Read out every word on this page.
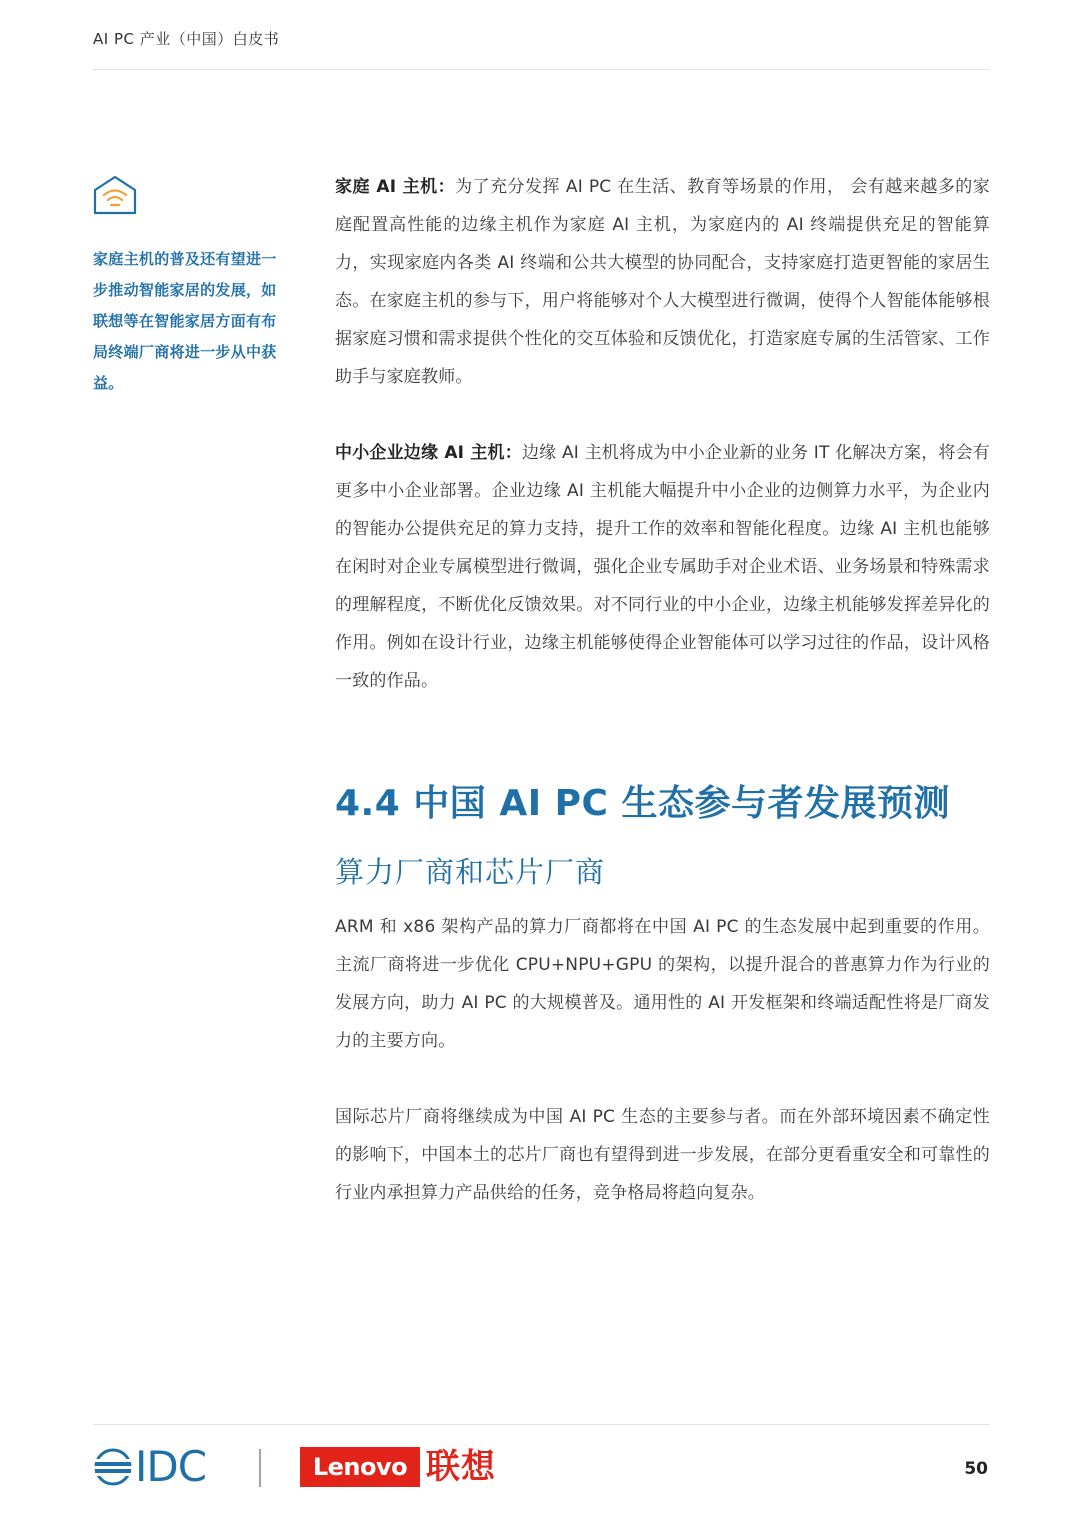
AI PC 产业（中国）白皮书
家庭主机的普及还有望进一步推动智能家居的发展，如联想等在智能家居方面有布局终端厂商将进一步从中获益。

家庭 AI 主机：为了充分发挥 AI PC 在生活、教育等场景的作用， 会有越来越多的家庭配置高性能的边缘主机作为家庭 AI 主机，为家庭内的 AI 终端提供充足的智能算力，实现家庭内各类 AI 终端和公共大模型的协同配合，支持家庭打造更智能的家居生态。在家庭主机的参与下，用户将能够对个人大模型进行微调，使得个人智能体能够根据家庭习惯和需求提供个性化的交互体验和反馈优化，打造家庭专属的生活管家、工作助手与家庭教师。

中小企业边缘 AI 主机：边缘 AI 主机将成为中小企业新的业务 IT 化解决方案，将会有更多中小企业部署。企业边缘 AI 主机能大幅提升中小企业的边侧算力水平，为企业内的智能办公提供充足的算力支持，提升工作的效率和智能化程度。边缘 AI 主机也能够在闲时对企业专属模型进行微调，强化企业专属助手对企业术语、业务场景和特殊需求的理解程度，不断优化反馈效果。对不同行业的中小企业，边缘主机能够发挥差异化的作用。例如在设计行业，边缘主机能够使得企业智能体可以学习过往的作品，设计风格一致的作品。

4.4 中国 AI PC 生态参与者发展预测
算力厂商和芯片厂商

ARM 和 x86 架构产品的算力厂商都将在中国 AI PC 的生态发展中起到重要的作用。主流厂商将进一步优化 CPU+NPU+GPU 的架构，以提升混合的普惠算力作为行业的发展方向，助力 AI PC 的大规模普及。通用性的 AI 开发框架和终端适配性将是厂商发力的主要方向。

国际芯片厂商将继续成为中国 AI PC 生态的主要参与者。而在外部环境因素不确定性的影响下，中国本土的芯片厂商也有望得到进一步发展，在部分更看重安全和可靠性的行业内承担算力产品供给的任务，竞争格局将趋向复杂。

IDC	Lenovo 联想	50
